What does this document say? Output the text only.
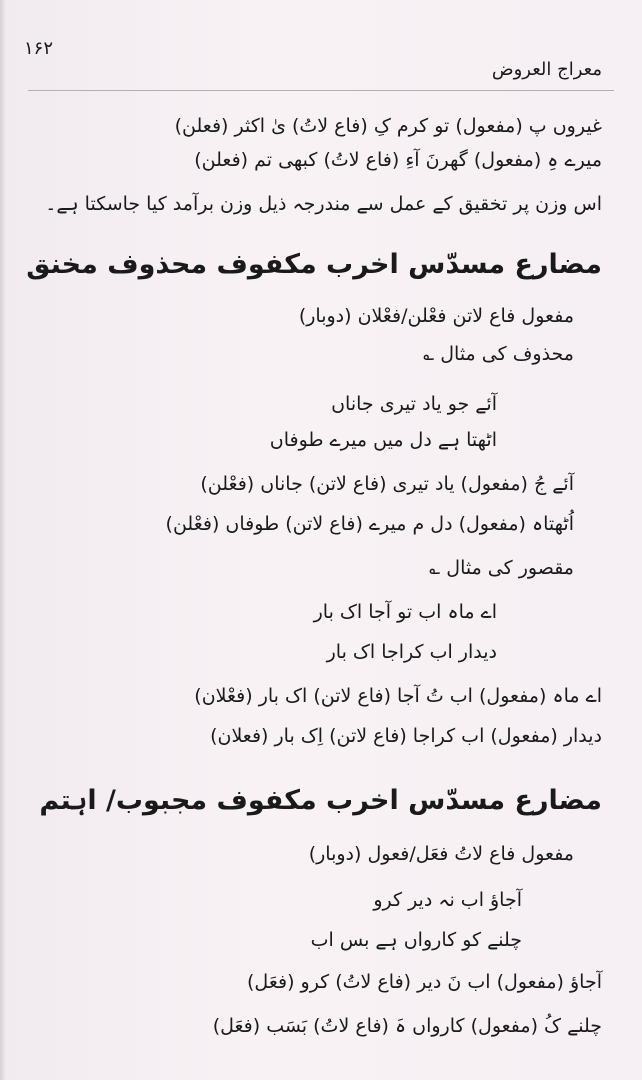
۱۶۲
معراج العروض
غیروں پ (مفعول) تو کرم کِ (فاع لاتُ) یٰ اکثر (فعلن)
میرے ہِ (مفعول) گھرنَ آءِ (فاع لاتُ) کبھی تم (فعلن)
اس وزن پر تخقیق کے عمل سے مندرجہ ذیل وزن برآمد کیا جاسکتا ہے۔
مضارع مسدّس اخرب مکفوف محذوف مخنق
مفعول فاع لاتن فعْلن/فعْلان (دوبار)
محذوف کی مثال ؎
آئے جو یاد تیری جاناں
اٹھتا ہے دل میں میرے طوفاں
آئے جُ (مفعول) یاد تیری (فاع لاتن) جاناں (فعْلن)
اُٹھتاہ (مفعول) دل م میرے (فاع لاتن) طوفاں (فعْلن)
مقصور کی مثال ؎
اے ماہ اب تو آجا اک بار
دیدار اب کراجا اک بار
اے ماہ (مفعول) اب تُ آجا (فاع لاتن) اک بار (فعْلان)
دیدار (مفعول) اب کراجا (فاع لاتن) اِک بار (فعلان)
مضارع مسدّس اخرب مکفوف مجبوب/ اہتم
مفعول فاع لاتُ فعَل/فعول (دوبار)
آجاؤ اب نہ دیر کرو
چلنے کو کارواں ہے بس اب
آجاؤ (مفعول) اب نَ دیر (فاع لاتُ) کرو (فعَل)
چلنے کُ (مفعول) کارواں ہَ (فاع لاتُ) بَسَب (فعَل)
